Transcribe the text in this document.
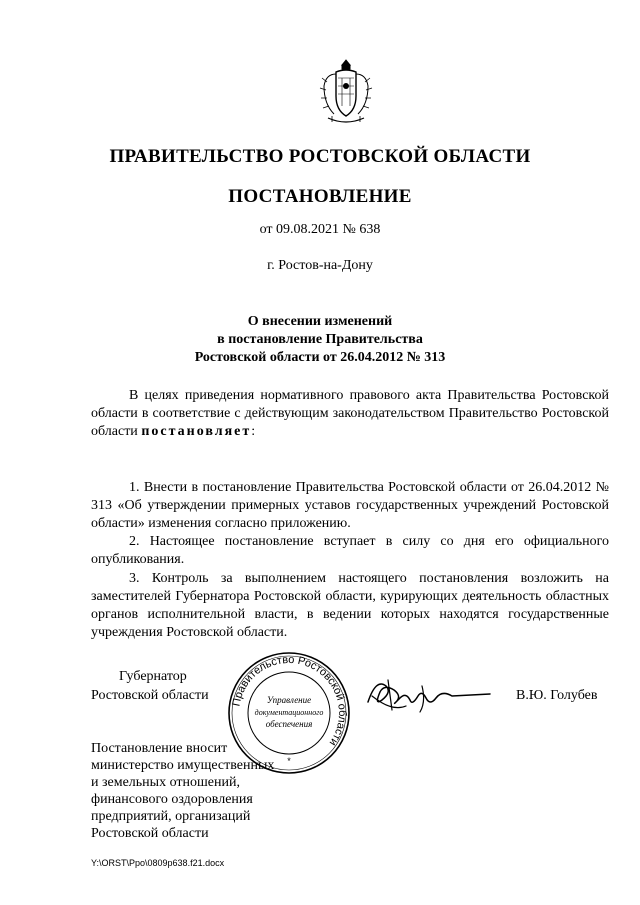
ПРАВИТЕЛЬСТВО РОСТОВСКОЙ ОБЛАСТИ
ПОСТАНОВЛЕНИЕ
от 09.08.2021 № 638
г. Ростов-на-Дону
О внесении изменений
в постановление Правительства
Ростовской области от 26.04.2012 № 313
В целях приведения нормативного правового акта Правительства Ростовской области в соответствие с действующим законодательством Правительство Ростовской области постановляет:
1. Внести в постановление Правительства Ростовской области от 26.04.2012 № 313 «Об утверждении примерных уставов государственных учреждений Ростовской области» изменения согласно приложению.
2. Настоящее постановление вступает в силу со дня его официального опубликования.
3. Контроль за выполнением настоящего постановления возложить на заместителей Губернатора Ростовской области, курирующих деятельность областных органов исполнительной власти, в ведении которых находятся государственные учреждения Ростовской области.
Губернатор
Ростовской области Правительство Ростовской области
Управление
документационного
обеспечения
*
В.Ю. Голубев
Постановление вносит
министерство имущественных
и земельных отношений,
финансового оздоровления
предприятий, организаций
Ростовской области
Y:\ORST\Ppo\0809p638.f21.docx
